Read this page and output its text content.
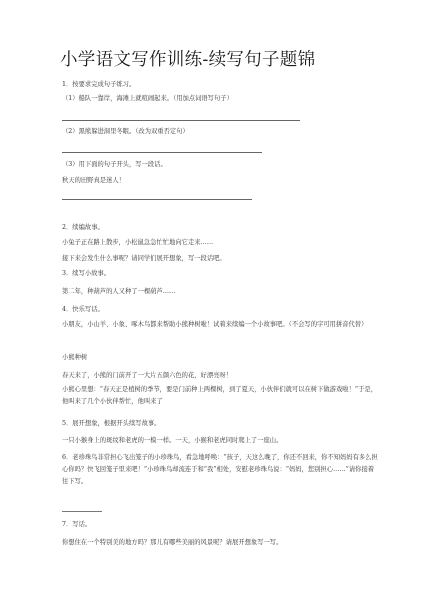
小学语文写作训练-续写句子题锦
1．按要求完成句子练习。
（1）船队一靠岸，海滩上就喧闹起来。（用加点词语写句子）
（2）黑熊躲进洞里冬眠。（改为双重否定句）
（3）用下面的句子开头，写一段话。
秋天的田野真是迷人！
2．续编故事。
小兔子正在路上散步，小松鼠急急忙忙地向它走来……
接下来会发生什么事呢？请同学们展开想象，写一段话吧。
3．续写小故事。
第二年，种葫芦的人又种了一棵葫芦……
4．快乐写话。
小朋友，小山羊、小象、啄木鸟都来帮助小熊种树啦！试着来续编一个小故事吧。（不会写的字可用拼音代替）
小熊种树
春天来了，小熊的门前开了一大片五颜六色的花，好漂亮呀！
小熊心里想：“春天正是植树的季节，要是门前种上两棵树，到了夏天，小伙伴们就可以在树下做游戏啦！”于是，他叫来了几个小伙伴帮忙，他叫来了
5．展开想象，根据开头续写故事。
一只小猴身上的斑纹和老虎的一模一样。一天，小猴和老虎同时爬上了一座山。
6．老珍珠鸟非常担心飞出笼子的小珍珠鸟，看急地呼唤：“孩子，天这么晚了，你还不回来，你不知妈妈有多么担心你吗？快飞回笼子里来吧！”小珍珠鸟却流连于和“我”相处，安慰老珍珠鸟说：“妈妈，您别担心……”请你接着往下写。
7．写话。
你想住在一个特别美的地方吗？那儿有哪些美丽的风景呢？请展开想象写一写。
